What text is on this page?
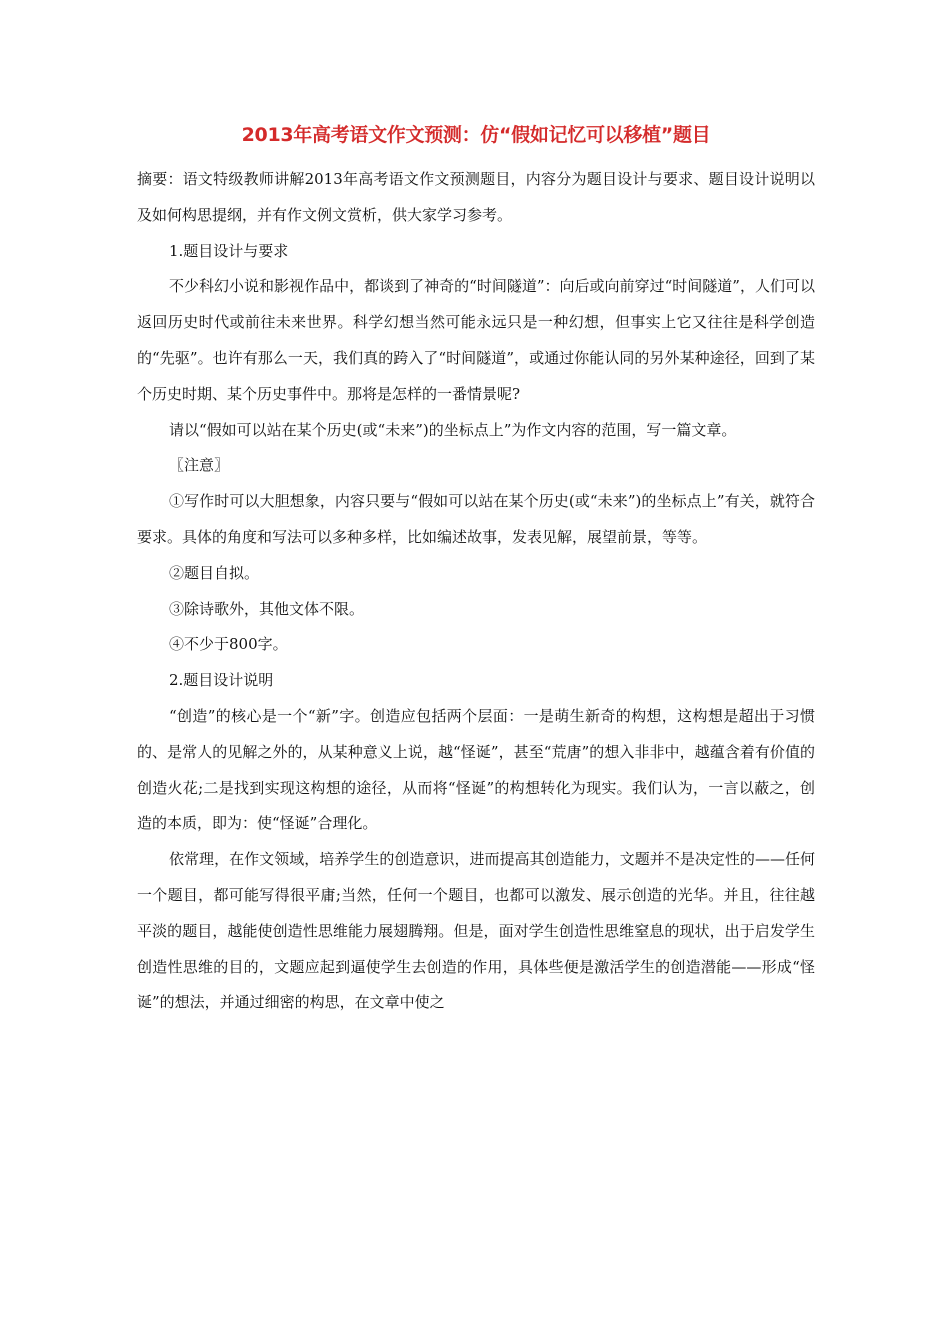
2013年高考语文作文预测：仿“假如记忆可以移植”题目

摘要：语文特级教师讲解2013年高考语文作文预测题目，内容分为题目设计与要求、题目设计说明以及如何构思提纲，并有作文例文赏析，供大家学习参考。

1.题目设计与要求

不少科幻小说和影视作品中，都谈到了神奇的“时间隧道”：向后或向前穿过“时间隧道”，人们可以返回历史时代或前往未来世界。科学幻想当然可能永远只是一种幻想，但事实上它又往往是科学创造的“先驱”。也许有那么一天，我们真的跨入了“时间隧道”，或通过你能认同的另外某种途径，回到了某个历史时期、某个历史事件中。那将是怎样的一番情景呢?

请以“假如可以站在某个历史(或“未来”)的坐标点上”为作文内容的范围，写一篇文章。

〖注意〗

①写作时可以大胆想象，内容只要与“假如可以站在某个历史(或“未来”)的坐标点上”有关，就符合要求。具体的角度和写法可以多种多样，比如编述故事，发表见解，展望前景，等等。

②题目自拟。

③除诗歌外，其他文体不限。

④不少于800字。

2.题目设计说明

“创造”的核心是一个“新”字。创造应包括两个层面：一是萌生新奇的构想，这构想是超出于习惯的、是常人的见解之外的，从某种意义上说，越“怪诞”，甚至“荒唐”的想入非非中，越蕴含着有价值的创造火花;二是找到实现这构想的途径，从而将“怪诞”的构想转化为现实。我们认为，一言以蔽之，创造的本质，即为：使“怪诞”合理化。

依常理，在作文领域，培养学生的创造意识，进而提高其创造能力，文题并不是决定性的——任何一个题目，都可能写得很平庸;当然，任何一个题目，也都可以激发、展示创造的光华。并且，往往越平淡的题目，越能使创造性思维能力展翅腾翔。但是，面对学生创造性思维窒息的现状，出于启发学生创造性思维的目的，文题应起到逼使学生去创造的作用，具体些便是激活学生的创造潜能——形成“怪诞”的想法，并通过细密的构思，在文章中使之
